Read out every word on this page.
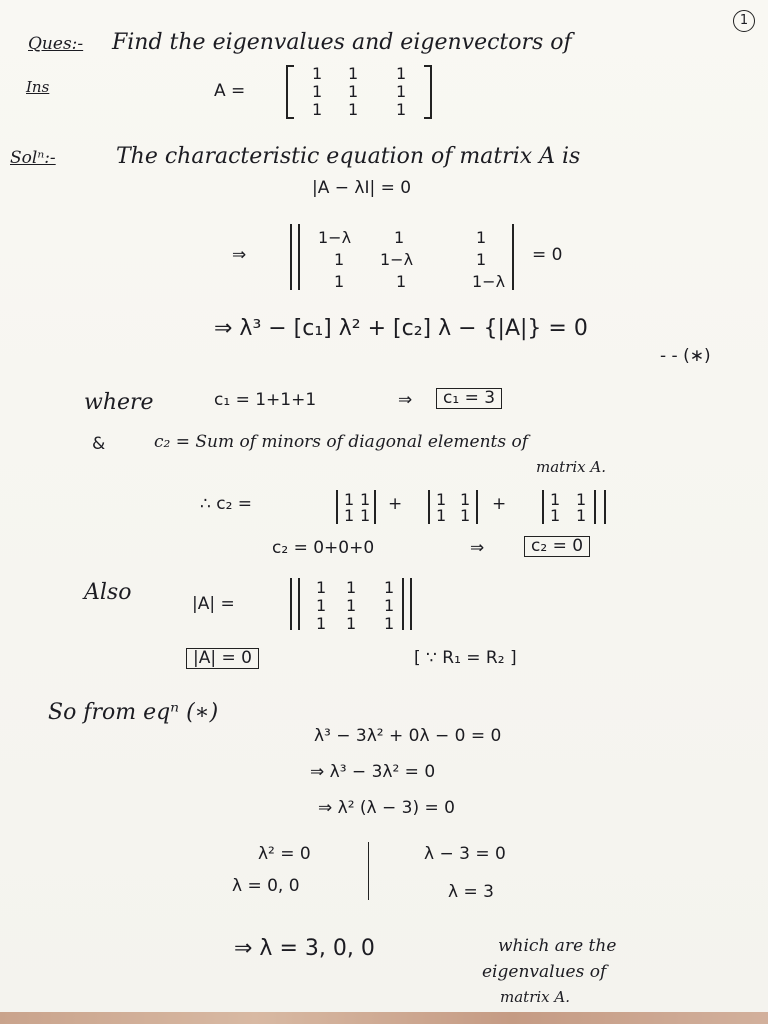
1
Ques:- Find the eigenvalues and eigenvectors of
Ins	A =
1 1 1
1 1 1
1 1 1
Solⁿ:-	The characteristic equation of matrix A is
|A − λI| = 0
⇒
1−λ	1	1
1 1−λ	1
1	1	1−λ
= 0
⇒ λ³ − [c₁] λ² + [c₂] λ − {|A|} = 0
- - (∗)
where	c₁ = 1+1+1	⇒	c₁ = 3
&	c₂ = Sum of minors of diagonal elements of
matrix A.
∴ c₂ =	1 1
1 1
+ 1 1
1 1
+	1 1
1 1
c₂ = 0+0+0	⇒	c₂ = 0
Also	|A| =
1 1 1
1 1 1
1 1 1
|A| = 0	[ ∵ R₁ = R₂ ]
So from eqⁿ (∗)
λ³ − 3λ² + 0λ − 0 = 0
⇒ λ³ − 3λ² = 0
⇒ λ² (λ − 3) = 0
λ² = 0
λ = 0, 0
λ − 3 = 0
λ = 3
⇒ λ = 3, 0, 0	which are the
eigenvalues of
matrix A.
